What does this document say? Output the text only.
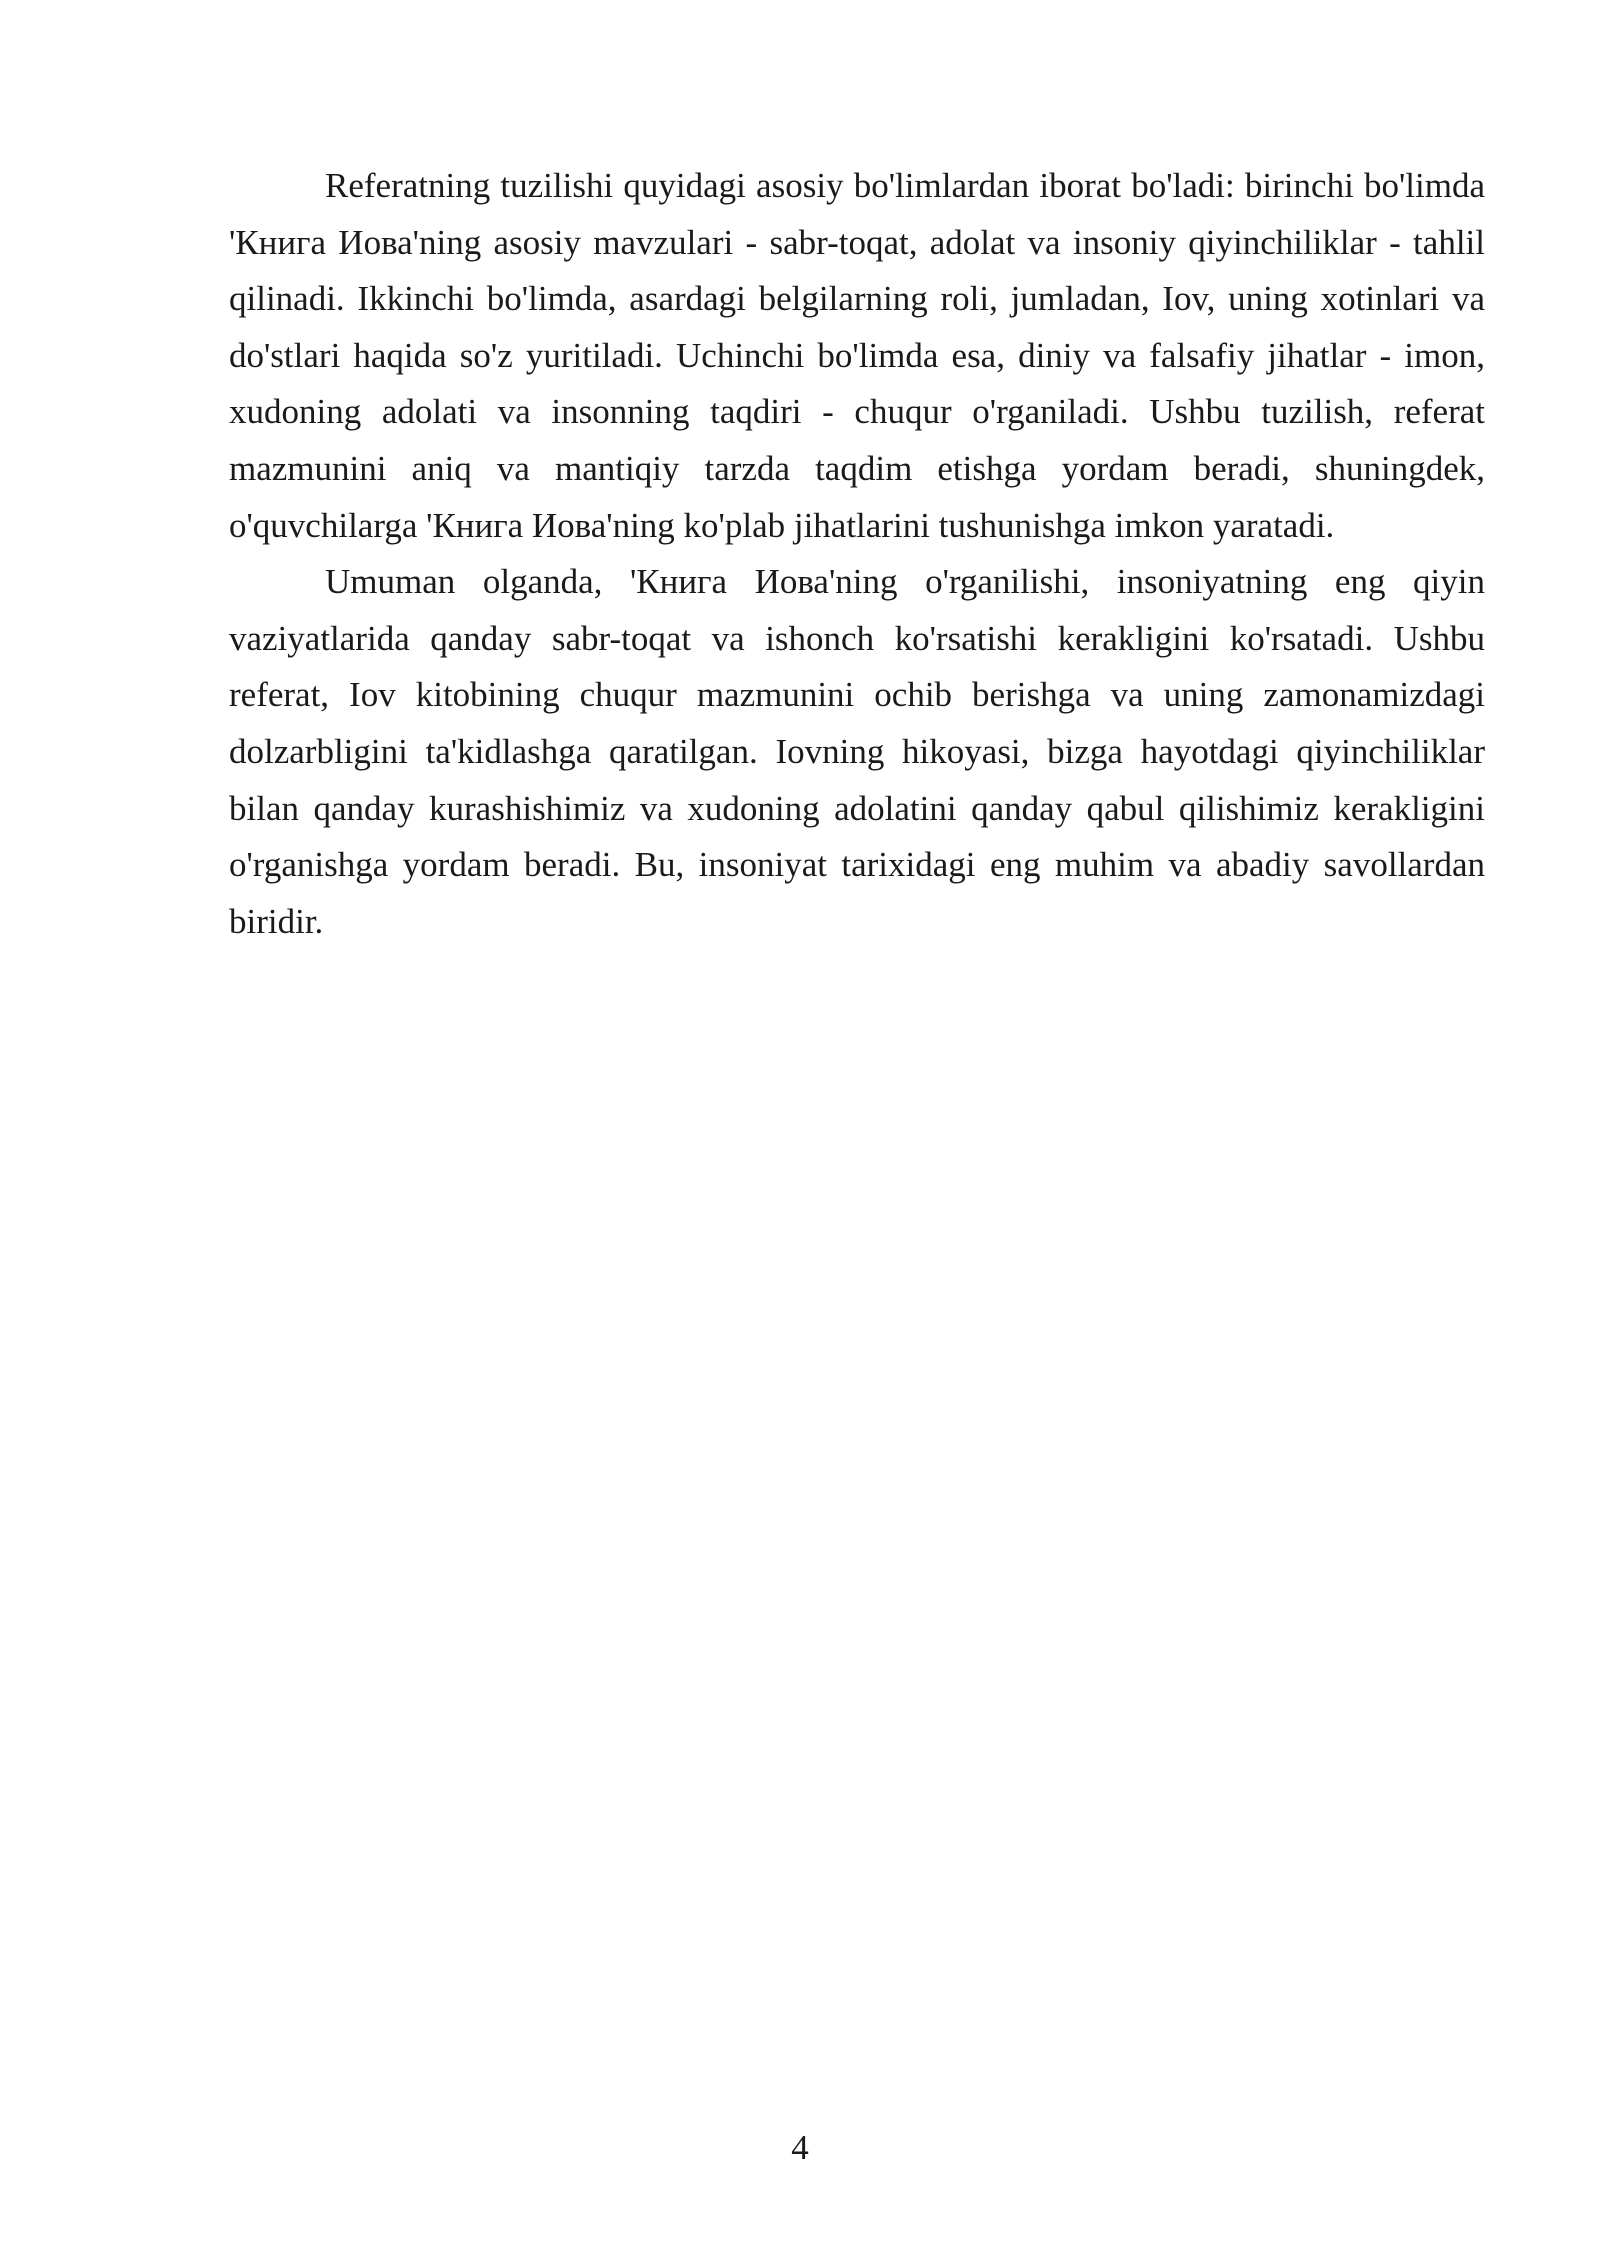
Referatning tuzilishi quyidagi asosiy bo'limlardan iborat bo'ladi: birinchi bo'limda 'Книга Иова'ning asosiy mavzulari - sabr-toqat, adolat va insoniy qiyinchiliklar - tahlil qilinadi. Ikkinchi bo'limda, asardagi belgilarning roli, jumladan, Iov, uning xotinlari va do'stlari haqida so'z yuritiladi. Uchinchi bo'limda esa, diniy va falsafiy jihatlar - imon, xudoning adolati va insonning taqdiri - chuqur o'rganiladi. Ushbu tuzilish, referat mazmunini aniq va mantiqiy tarzda taqdim etishga yordam beradi, shuningdek, o'quvchilarga 'Книга Иова'ning ko'plab jihatlarini tushunishga imkon yaratadi.

Umuman olganda, 'Книга Иова'ning o'rganilishi, insoniyatning eng qiyin vaziyatlarida qanday sabr-toqat va ishonch ko'rsatishi kerakligini ko'rsatadi. Ushbu referat, Iov kitobining chuqur mazmunini ochib berishga va uning zamonamizdagi dolzarbligini ta'kidlashga qaratilgan. Iovning hikoyasi, bizga hayotdagi qiyinchiliklar bilan qanday kurashishimiz va xudoning adolatini qanday qabul qilishimiz kerakligini o'rganishga yordam beradi. Bu, insoniyat tarixidagi eng muhim va abadiy savollardan biridir.

4
